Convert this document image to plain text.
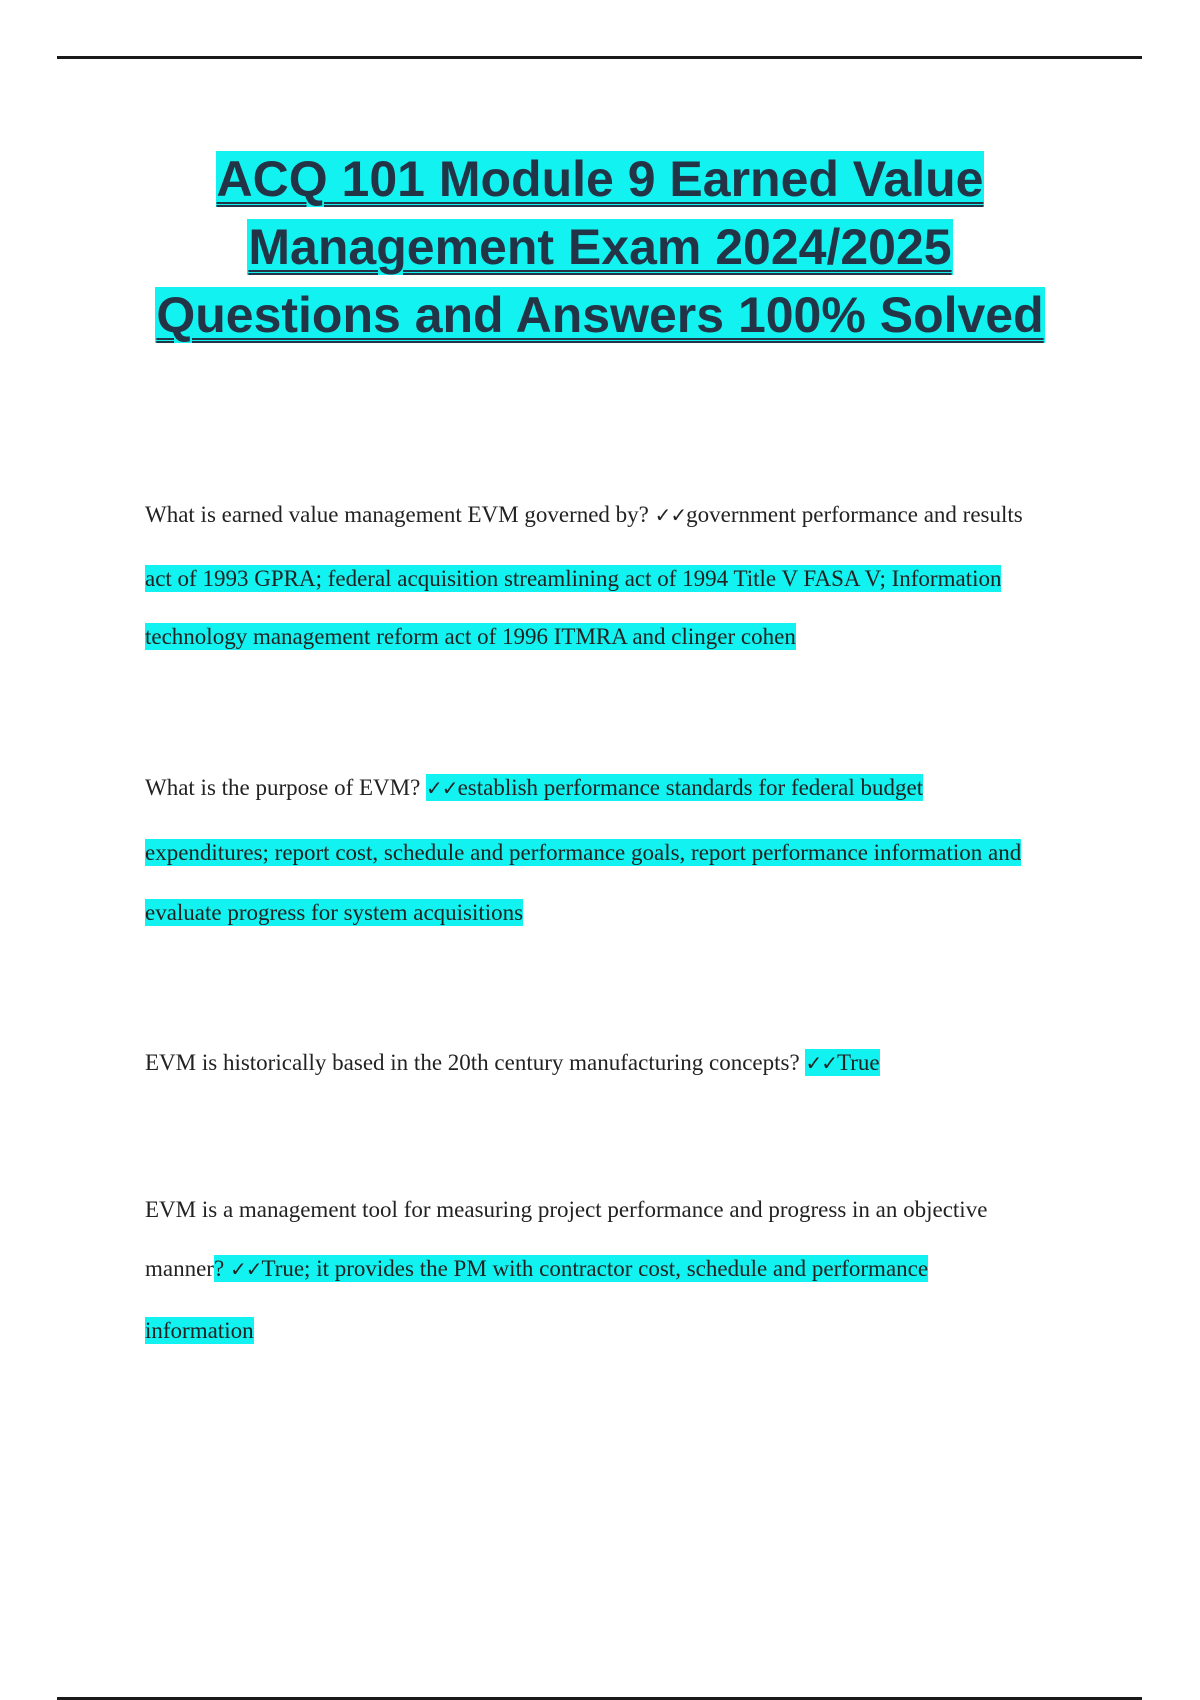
ACQ 101 Module 9 Earned Value
Management Exam 2024/2025
Questions and Answers 100% Solved
What is earned value management EVM governed by? ✓✓government performance and results
act of 1993 GPRA; federal acquisition streamlining act of 1994 Title V FASA V; Information
technology management reform act of 1996 ITMRA and clinger cohen
What is the purpose of EVM? ✓✓establish performance standards for federal budget
expenditures; report cost, schedule and performance goals, report performance information and
evaluate progress for system acquisitions
EVM is historically based in the 20th century manufacturing concepts? ✓✓True
EVM is a management tool for measuring project performance and progress in an objective
manner? ✓✓True; it provides the PM with contractor cost, schedule and performance
information
